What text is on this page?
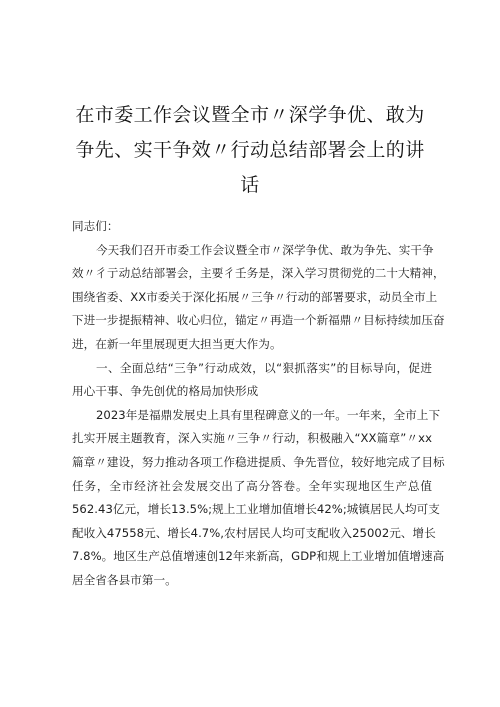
在市委工作会议暨全市〃深学争优、敢为
争先、实干争效〃行动总结部署会上的讲
话

同志们：

今天我们召开市委工作会议暨全市〃深学争优、敢为争先、实干争
效〃彳亍动总结部署会，主要彳壬务是，深入学习贯彻党的二十大精神，
围绕省委、XX市委关于深化拓展〃三争〃行动的部署要求，动员全市上
下进一步提振精神、收心归位，锚定〃再造一个新福鼎〃目标持续加压奋
进，在新一年里展现更大担当更大作为。

一、全面总结“三争”行动成效，以“狠抓落实”的目标导向，促进
用心干事、争先创优的格局加快形成

2023年是福鼎发展史上具有里程碑意义的一年。一年来，全市上下
扎实开展主题教育，深入实施〃三争〃行动，积极融入“XX篇章”〃xx
篇章〃建设，努力推动各项工作稳进提质、争先晋位，较好地完成了目标
任务，全市经济社会发展交出了高分答卷。全年实现地区生产总值
562.43亿元，增长13.5%;规上工业增加值增长42%;城镇居民人均可支
配收入47558元、增长4.7%,农村居民人均可支配收入25002元、增长
7.8%。地区生产总值增速创12年来新高，GDP和规上工业增加值增速高
居全省各县市第一。
